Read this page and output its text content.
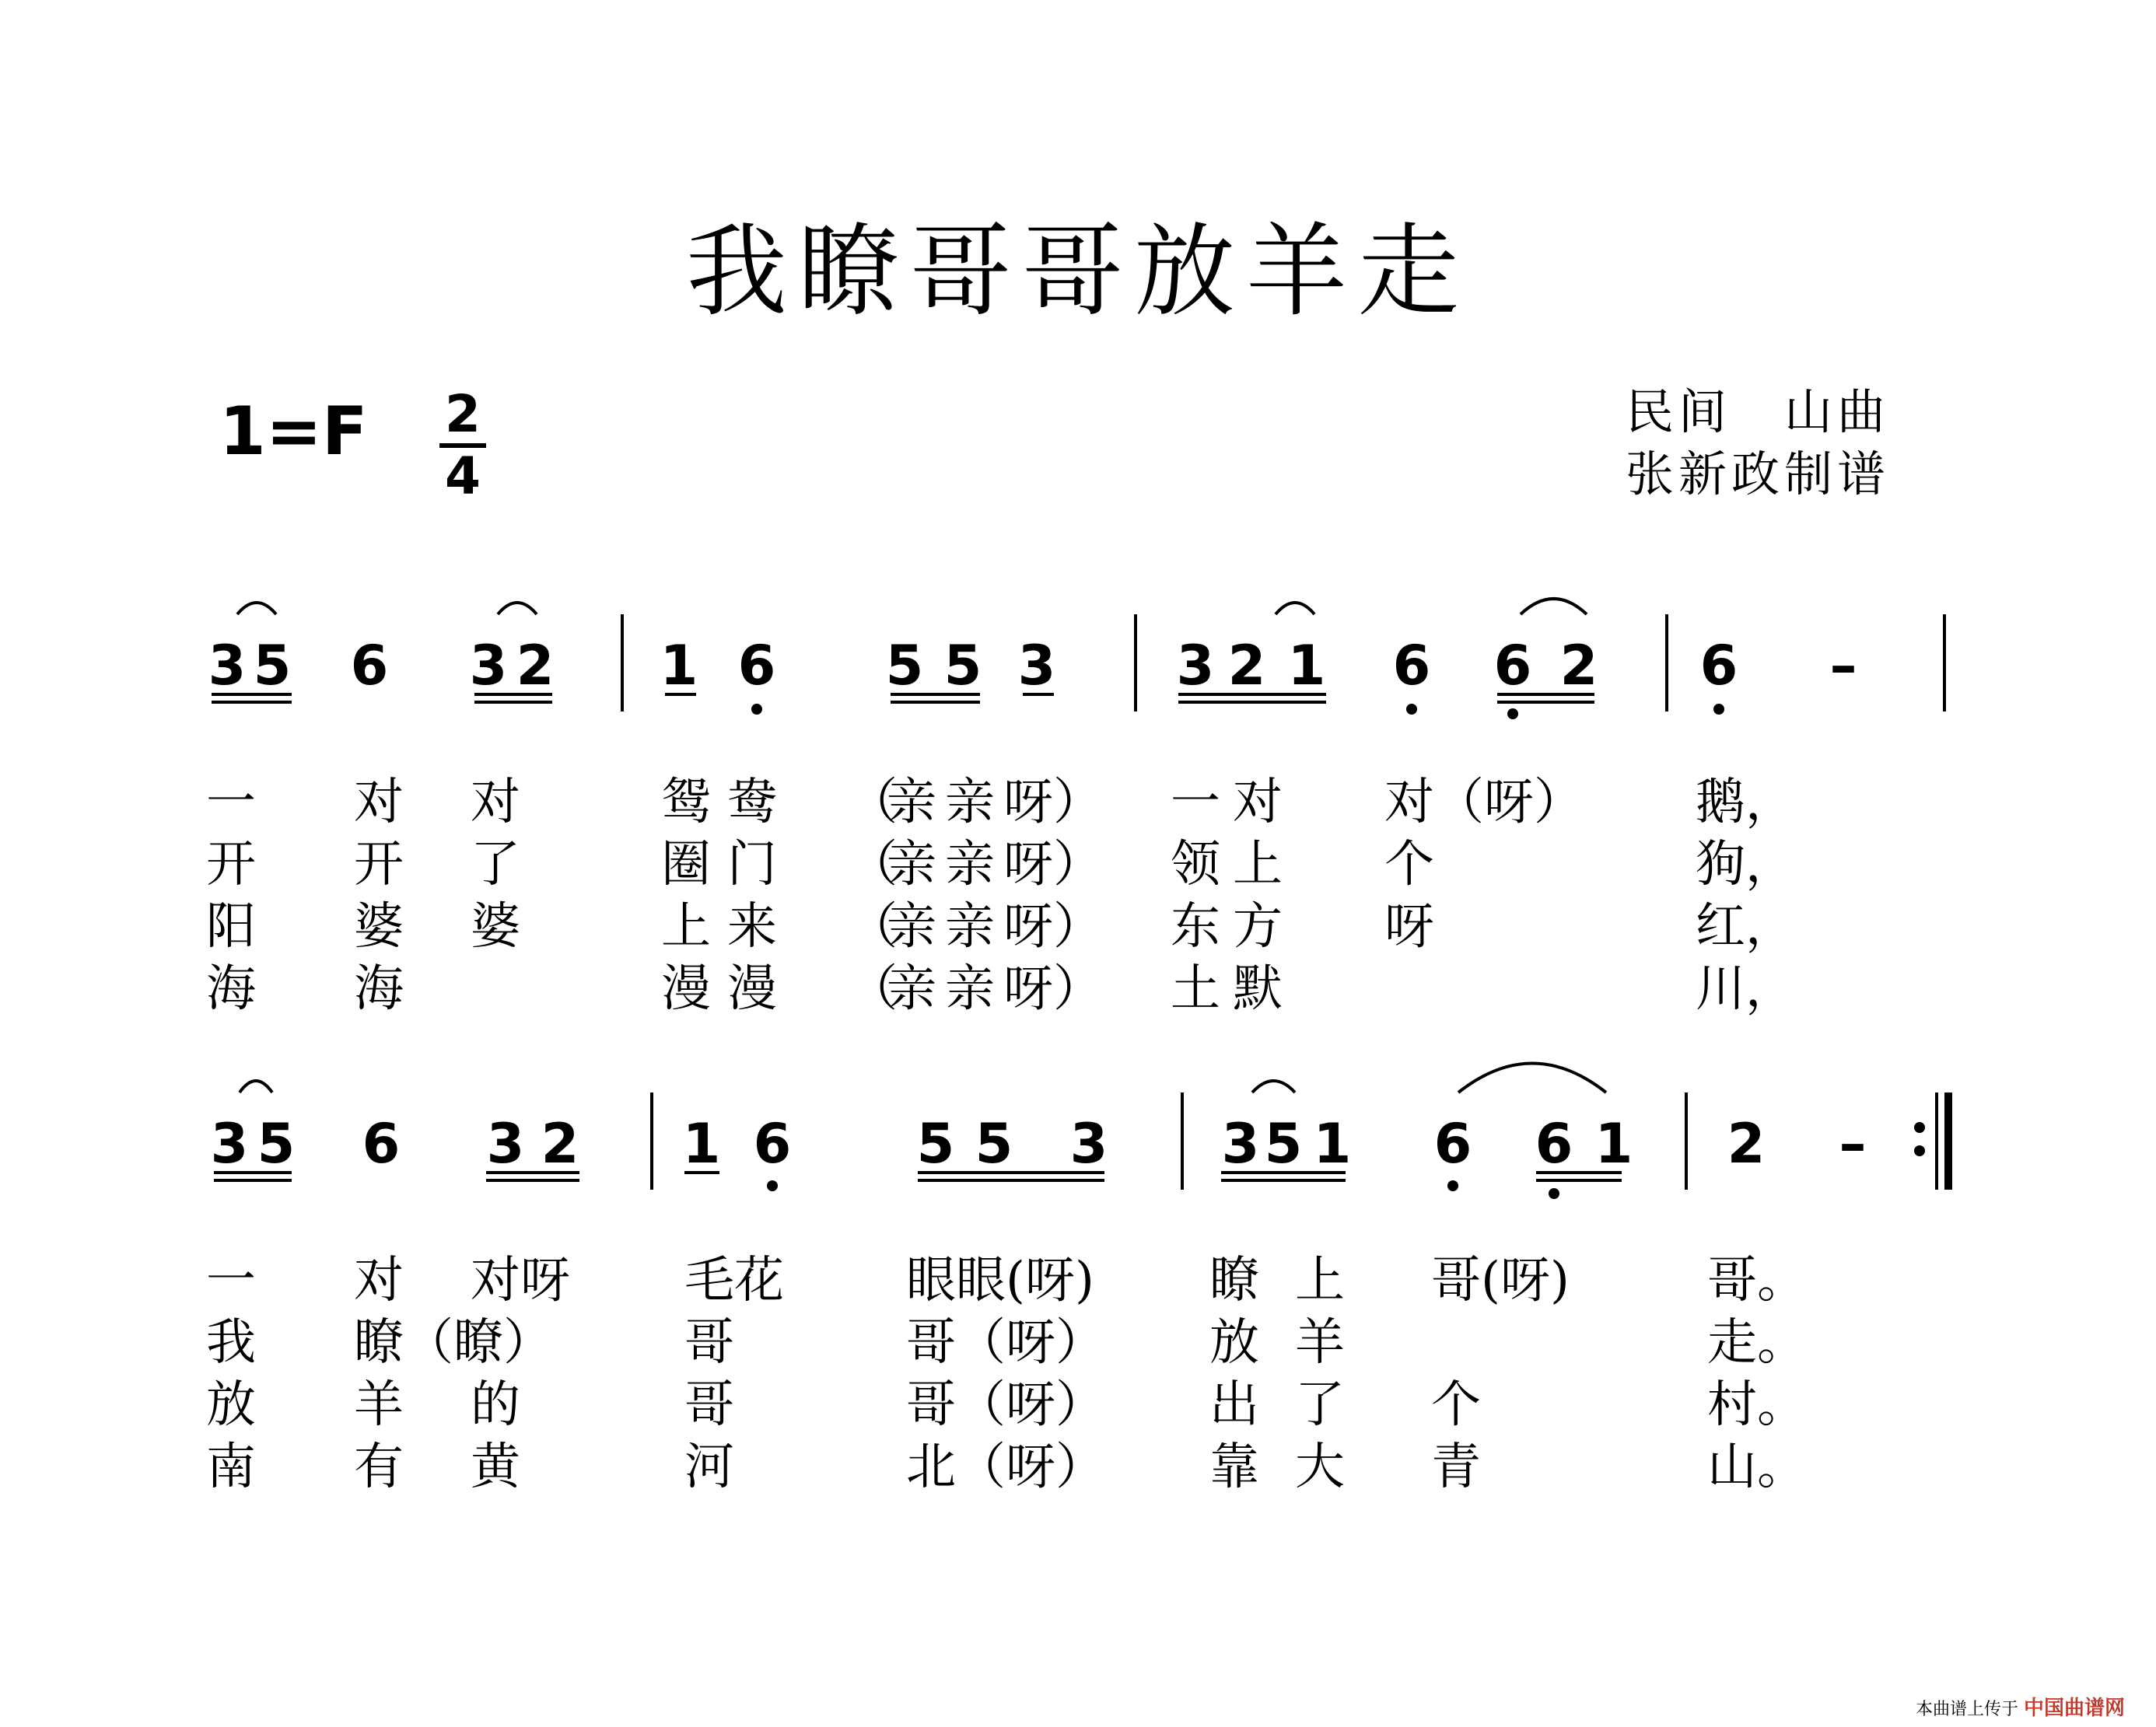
我瞭哥哥放羊走
1=F 2
4
民间　山曲
张新政制谱
3 5 6 3 2 1 6 5 5 3 3 2 1 6 6 2 6 –
3 5 6 3 2 1 6 5 5 3 3 5 1 6 6 1 2 –
一 对 对	鸳 鸯 （
亲 亲 呀） 一 对 对（呀） 鹅，
开 开 了	圈 门 （
亲 亲 呀） 领 上 个	狗，
阳 婆 婆	上 来 （
亲 亲 呀） 东 方 呀	红，
海 海	漫 漫 （
亲 亲 呀） 土 默	川，
一 对 对呀 毛花 眼眼(呀) 瞭 上 哥(呀)	哥。
我 瞭（瞭）	哥	哥（呀） 放 羊	走。
放 羊 的	哥	哥（呀） 出 了 个	村。
南 有 黄	河	北（呀） 靠 大 青	山。
本曲谱上传于 中国曲谱网
